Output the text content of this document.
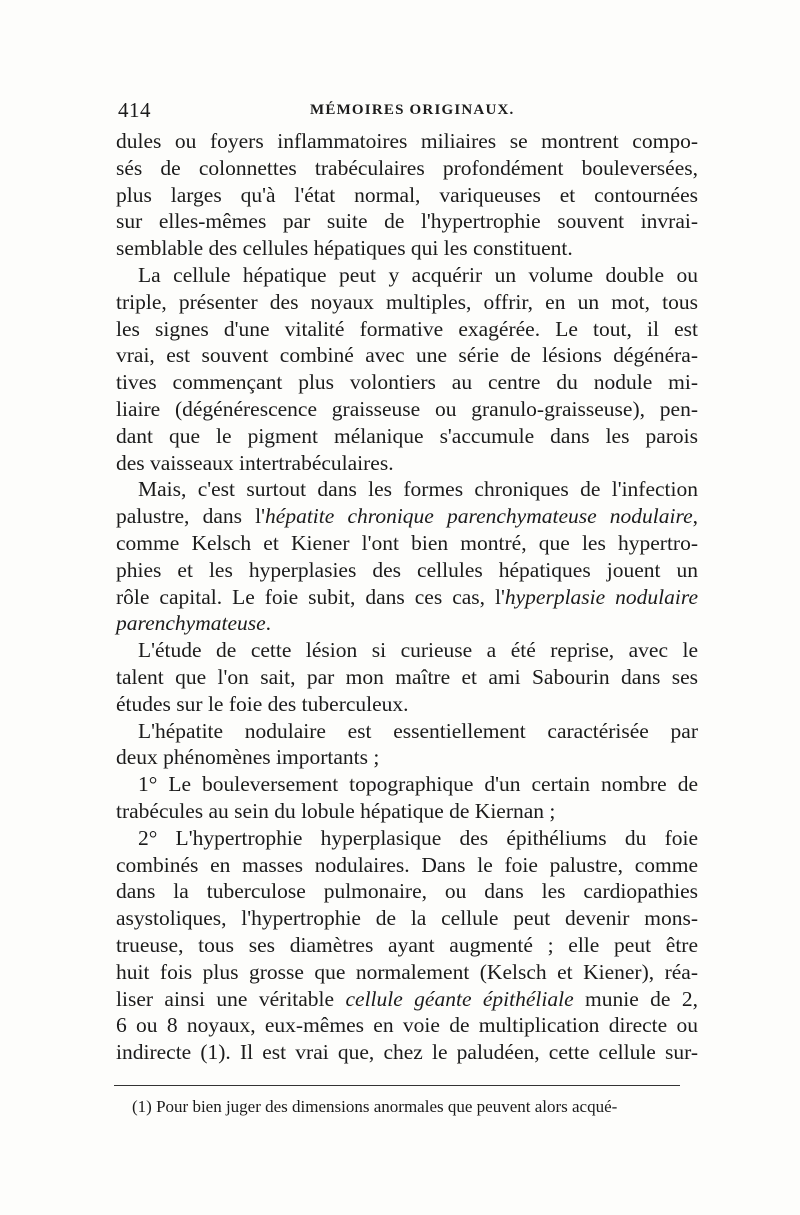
414	MÉMOIRES ORIGINAUX.
dules ou foyers inflammatoires miliaires se montrent compo-
sés de colonnettes trabéculaires profondément bouleversées,
plus larges qu'à l'état normal, variqueuses et contournées
sur elles-mêmes par suite de l'hypertrophie souvent invrai-
semblable des cellules hépatiques qui les constituent.
La cellule hépatique peut y acquérir un volume double ou
triple, présenter des noyaux multiples, offrir, en un mot, tous
les signes d'une vitalité formative exagérée. Le tout, il est
vrai, est souvent combiné avec une série de lésions dégénéra-
tives commençant plus volontiers au centre du nodule mi-
liaire (dégénérescence graisseuse ou granulo-graisseuse), pen-
dant que le pigment mélanique s'accumule dans les parois
des vaisseaux intertrabéculaires.
Mais, c'est surtout dans les formes chroniques de l'infection
palustre, dans l'hépatite chronique parenchymateuse nodulaire,
comme Kelsch et Kiener l'ont bien montré, que les hypertro-
phies et les hyperplasies des cellules hépatiques jouent un
rôle capital. Le foie subit, dans ces cas, l'hyperplasie nodulaire
parenchymateuse.
L'étude de cette lésion si curieuse a été reprise, avec le
talent que l'on sait, par mon maître et ami Sabourin dans ses
études sur le foie des tuberculeux.
L'hépatite nodulaire est essentiellement caractérisée par
deux phénomènes importants ;
1° Le bouleversement topographique d'un certain nombre de
trabécules au sein du lobule hépatique de Kiernan ;
2° L'hypertrophie hyperplasique des épithéliums du foie
combinés en masses nodulaires. Dans le foie palustre, comme
dans la tuberculose pulmonaire, ou dans les cardiopathies
asystoliques, l'hypertrophie de la cellule peut devenir mons-
trueuse, tous ses diamètres ayant augmenté ; elle peut être
huit fois plus grosse que normalement (Kelsch et Kiener), réa-
liser ainsi une véritable cellule géante épithéliale munie de 2,
6 ou 8 noyaux, eux-mêmes en voie de multiplication directe ou
indirecte (1). Il est vrai que, chez le paludéen, cette cellule sur-
(1) Pour bien juger des dimensions anormales que peuvent alors acqué-
